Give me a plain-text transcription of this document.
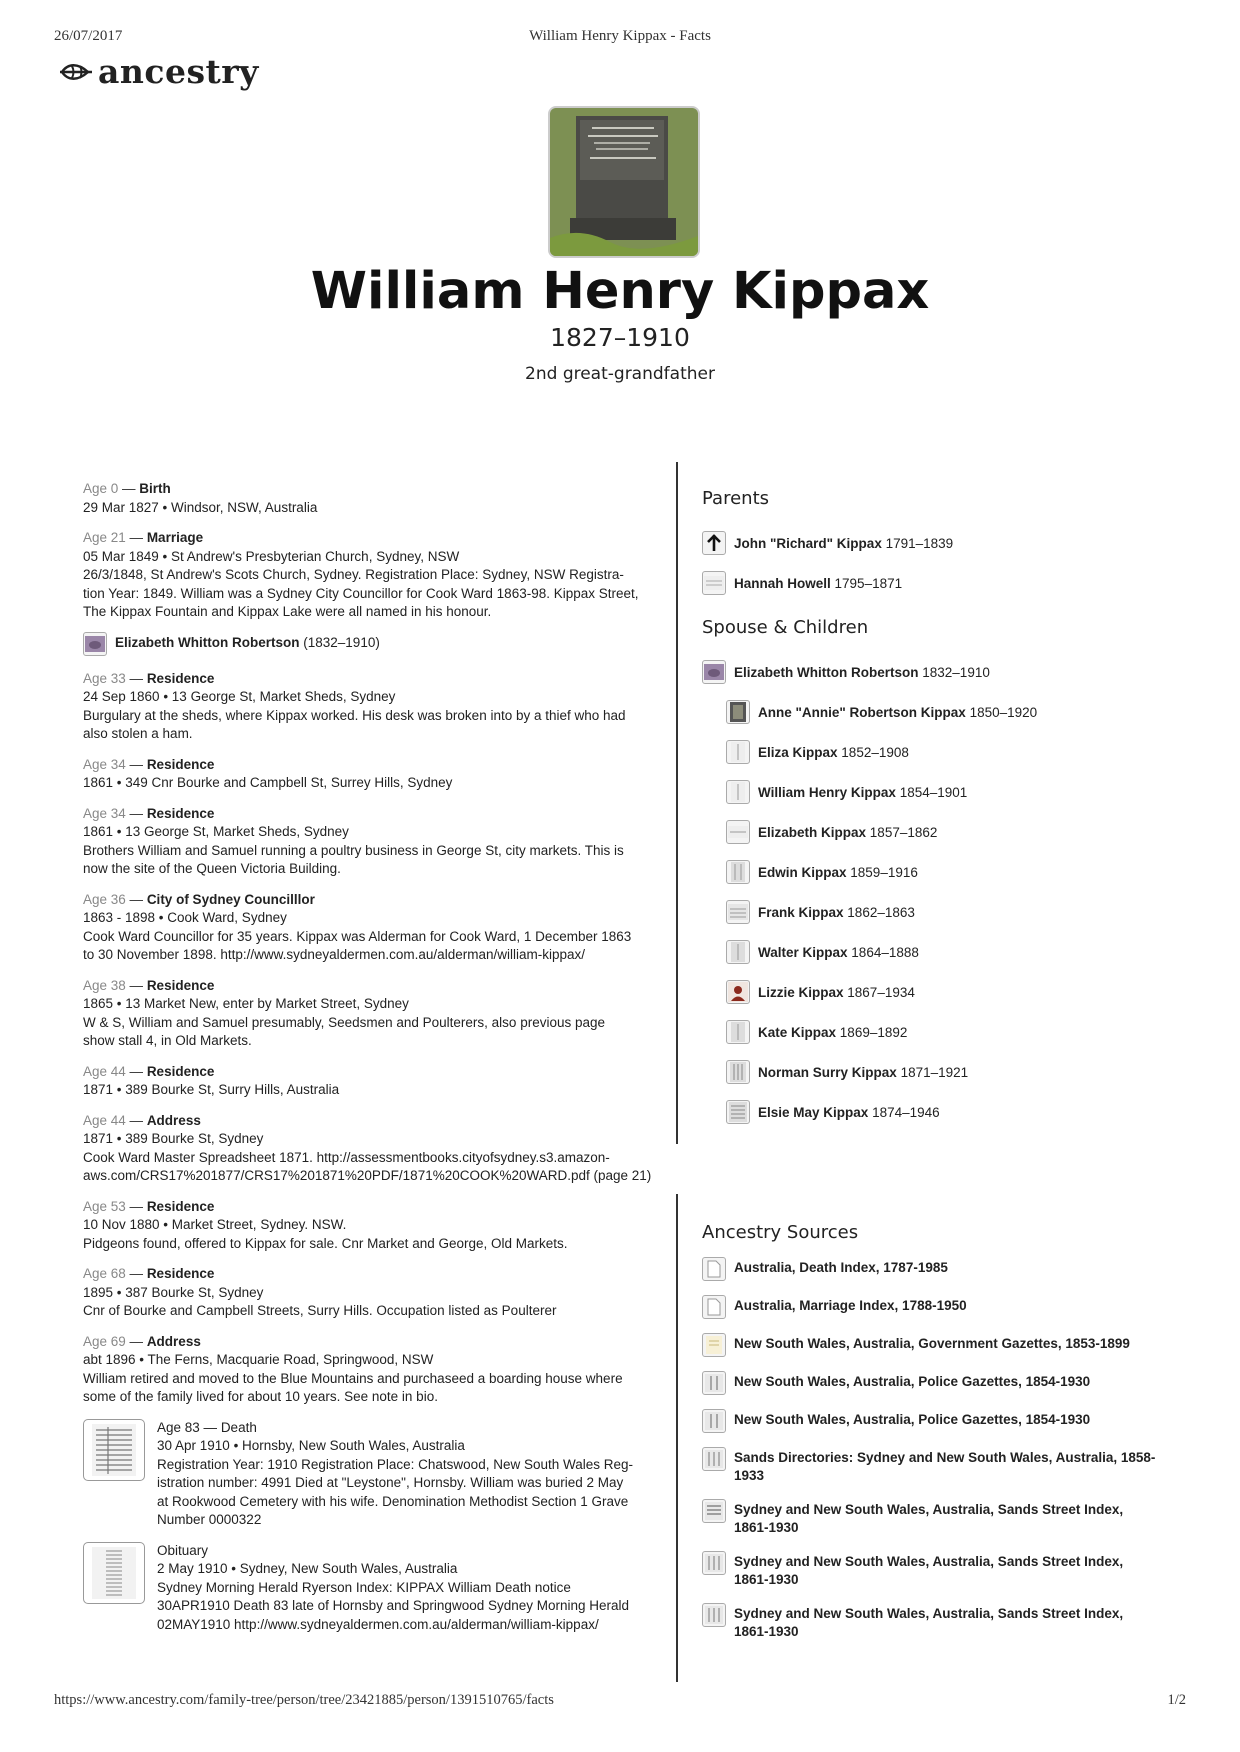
26/07/2017	William Henry Kippax - Facts
ancestry
William Henry Kippax
1827–1910
2nd great-grandfather
Age 0 — Birth
29 Mar 1827 • Windsor, NSW, Australia
Age 21 — Marriage
05 Mar 1849 • St Andrew's Presbyterian Church, Sydney, NSW
26/3/1848, St Andrew's Scots Church, Sydney. Registration Place: Sydney, NSW Registra-
tion Year: 1849. William was a Sydney City Councillor for Cook Ward 1863-98. Kippax Street,
The Kippax Fountain and Kippax Lake were all named in his honour.
Elizabeth Whitton Robertson (1832–1910)
Age 33 — Residence
24 Sep 1860 • 13 George St, Market Sheds, Sydney
Burgulary at the sheds, where Kippax worked. His desk was broken into by a thief who had
also stolen a ham.
Age 34 — Residence
1861 • 349 Cnr Bourke and Campbell St, Surrey Hills, Sydney
Age 34 — Residence
1861 • 13 George St, Market Sheds, Sydney
Brothers William and Samuel running a poultry business in George St, city markets. This is
now the site of the Queen Victoria Building.
Age 36 — City of Sydney Councilllor
1863 - 1898 • Cook Ward, Sydney
Cook Ward Councillor for 35 years. Kippax was Alderman for Cook Ward, 1 December 1863
to 30 November 1898. http://www.sydneyaldermen.com.au/alderman/william-kippax/
Age 38 — Residence
1865 • 13 Market New, enter by Market Street, Sydney
W & S, William and Samuel presumably, Seedsmen and Poulterers, also previous page
show stall 4, in Old Markets.
Age 44 — Residence
1871 • 389 Bourke St, Surry Hills, Australia
Age 44 — Address
1871 • 389 Bourke St, Sydney
Cook Ward Master Spreadsheet 1871. http://assessmentbooks.cityofsydney.s3.amazon-
aws.com/CRS17%201877/CRS17%201871%20PDF/1871%20COOK%20WARD.pdf (page 21)
Age 53 — Residence
10 Nov 1880 • Market Street, Sydney. NSW.
Pidgeons found, offered to Kippax for sale. Cnr Market and George, Old Markets.
Age 68 — Residence
1895 • 387 Bourke St, Sydney
Cnr of Bourke and Campbell Streets, Surry Hills. Occupation listed as Poulterer
Age 69 — Address
abt 1896 • The Ferns, Macquarie Road, Springwood, NSW
William retired and moved to the Blue Mountains and purchaseed a boarding house where
some of the family lived for about 10 years. See note in bio.
Age 83 — Death
30 Apr 1910 • Hornsby, New South Wales, Australia
Registration Year: 1910 Registration Place: Chatswood, New South Wales Reg-
istration number: 4991 Died at "Leystone", Hornsby. William was buried 2 May
at Rookwood Cemetery with his wife. Denomination Methodist Section 1 Grave
Number 0000322
Obituary
2 May 1910 • Sydney, New South Wales, Australia
Sydney Morning Herald Ryerson Index: KIPPAX William Death notice
30APR1910 Death 83 late of Hornsby and Springwood Sydney Morning Herald
02MAY1910 http://www.sydneyaldermen.com.au/alderman/william-kippax/
Parents
John "Richard" Kippax 1791–1839
Hannah Howell 1795–1871
Spouse & Children
Elizabeth Whitton Robertson 1832–1910
Anne "Annie" Robertson Kippax 1850–1920
Eliza Kippax 1852–1908
William Henry Kippax 1854–1901
Elizabeth Kippax 1857–1862
Edwin Kippax 1859–1916
Frank Kippax 1862–1863
Walter Kippax 1864–1888
Lizzie Kippax 1867–1934
Kate Kippax 1869–1892
Norman Surry Kippax 1871–1921
Elsie May Kippax 1874–1946
Ancestry Sources
Australia, Death Index, 1787-1985
Australia, Marriage Index, 1788-1950
New South Wales, Australia, Government Gazettes, 1853-1899
New South Wales, Australia, Police Gazettes, 1854-1930
New South Wales, Australia, Police Gazettes, 1854-1930
Sands Directories: Sydney and New South Wales, Australia, 1858-
1933
Sydney and New South Wales, Australia, Sands Street Index,
1861-1930
Sydney and New South Wales, Australia, Sands Street Index,
1861-1930
Sydney and New South Wales, Australia, Sands Street Index,
1861-1930
https://www.ancestry.com/family-tree/person/tree/23421885/person/1391510765/facts	1/2
